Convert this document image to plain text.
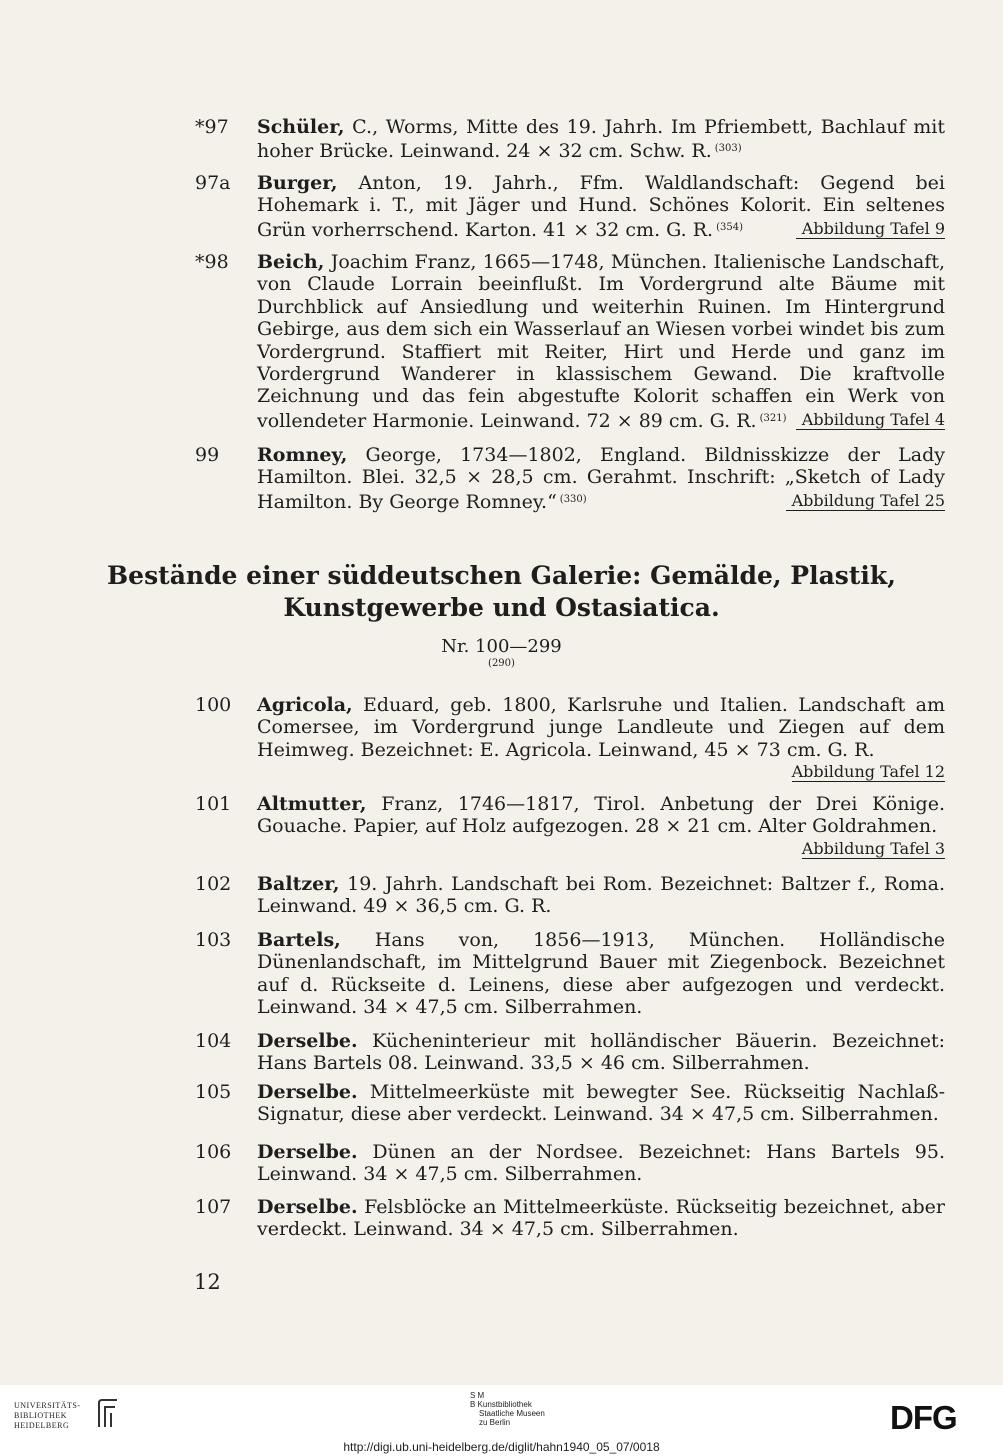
*97	Schüler, C., Worms, Mitte des 19. Jahrh. Im Pfriembett, Bachlauf mit hoher Brücke. Leinwand. 24 × 32 cm. Schw. R. $^{(303)}$
97a	Burger, Anton, 19. Jahrh., Ffm. Waldlandschaft: Gegend bei Hohemark i. T., mit Jäger und Hund. Schönes Kolorit. Ein seltenes Grün vorherrschend. Karton. 41 × 32 cm. G. R. $^{(354)}$	Abbildung Tafel 9
*98	Beich, Joachim Franz, 1665—1748, München. Italienische Landschaft, von Claude Lorrain beeinflußt. Im Vordergrund alte Bäume mit Durchblick auf Ansiedlung und weiterhin Ruinen. Im Hintergrund Gebirge, aus dem sich ein Wasserlauf an Wiesen vorbei windet bis zum Vordergrund. Staffiert mit Reiter, Hirt und Herde und ganz im Vordergrund Wanderer in klassischem Gewand. Die kraftvolle Zeichnung und das fein abgestufte Kolorit schaffen ein Werk von vollendeter Harmonie. Leinwand. 72 × 89 cm. G. R. $^{(321)}$ Abbildung Tafel 4
99	Romney, George, 1734—1802, England. Bildnisskizze der Lady Hamilton. Blei. 32,5 × 28,5 cm. Gerahmt. Inschrift: „Sketch of Lady Hamilton. By George Romney.“ $^{(330)}$	Abbildung Tafel 25
Bestände einer süddeutschen Galerie: Gemälde, Plastik,
Kunstgewerbe und Ostasiatica.
Nr. 100—299
(290)
100	Agricola, Eduard, geb. 1800, Karlsruhe und Italien. Landschaft am Comersee, im Vordergrund junge Landleute und Ziegen auf dem Heimweg. Bezeichnet: E. Agricola. Leinwand, 45 × 73 cm. G. R.
Abbildung Tafel 12
101	Altmutter, Franz, 1746—1817, Tirol. Anbetung der Drei Könige. Gouache. Papier, auf Holz aufgezogen. 28 × 21 cm. Alter Goldrahmen.
Abbildung Tafel 3
102	Baltzer, 19. Jahrh. Landschaft bei Rom. Bezeichnet: Baltzer f., Roma. Leinwand. 49 × 36,5 cm. G. R.
103	Bartels, Hans von, 1856—1913, München. Holländische Dünenlandschaft, im Mittelgrund Bauer mit Ziegenbock. Bezeichnet auf d. Rückseite d. Leinens, diese aber aufgezogen und verdeckt. Leinwand. 34 × 47,5 cm. Silberrahmen.
104	Derselbe. Kücheninterieur mit holländischer Bäuerin. Bezeichnet: Hans Bartels 08. Leinwand. 33,5 × 46 cm. Silberrahmen.
105	Derselbe. Mittelmeerküste mit bewegter See. Rückseitig Nachlaß-Signatur, diese aber verdeckt. Leinwand. 34 × 47,5 cm. Silberrahmen.
106	Derselbe. Dünen an der Nordsee. Bezeichnet: Hans Bartels 95. Leinwand. 34 × 47,5 cm. Silberrahmen.
107	Derselbe. Felsblöcke an Mittelmeerküste. Rückseitig bezeichnet, aber verdeckt. Leinwand. 34 × 47,5 cm. Silberrahmen.
12
UNIVERSITÄTS-
BIBLIOTHEK
HEIDELBERG
S M
B Kunstbibliothek
Staatliche Museen
zu Berlin	DFG
http://digi.ub.uni-heidelberg.de/diglit/hahn1940_05_07/0018
